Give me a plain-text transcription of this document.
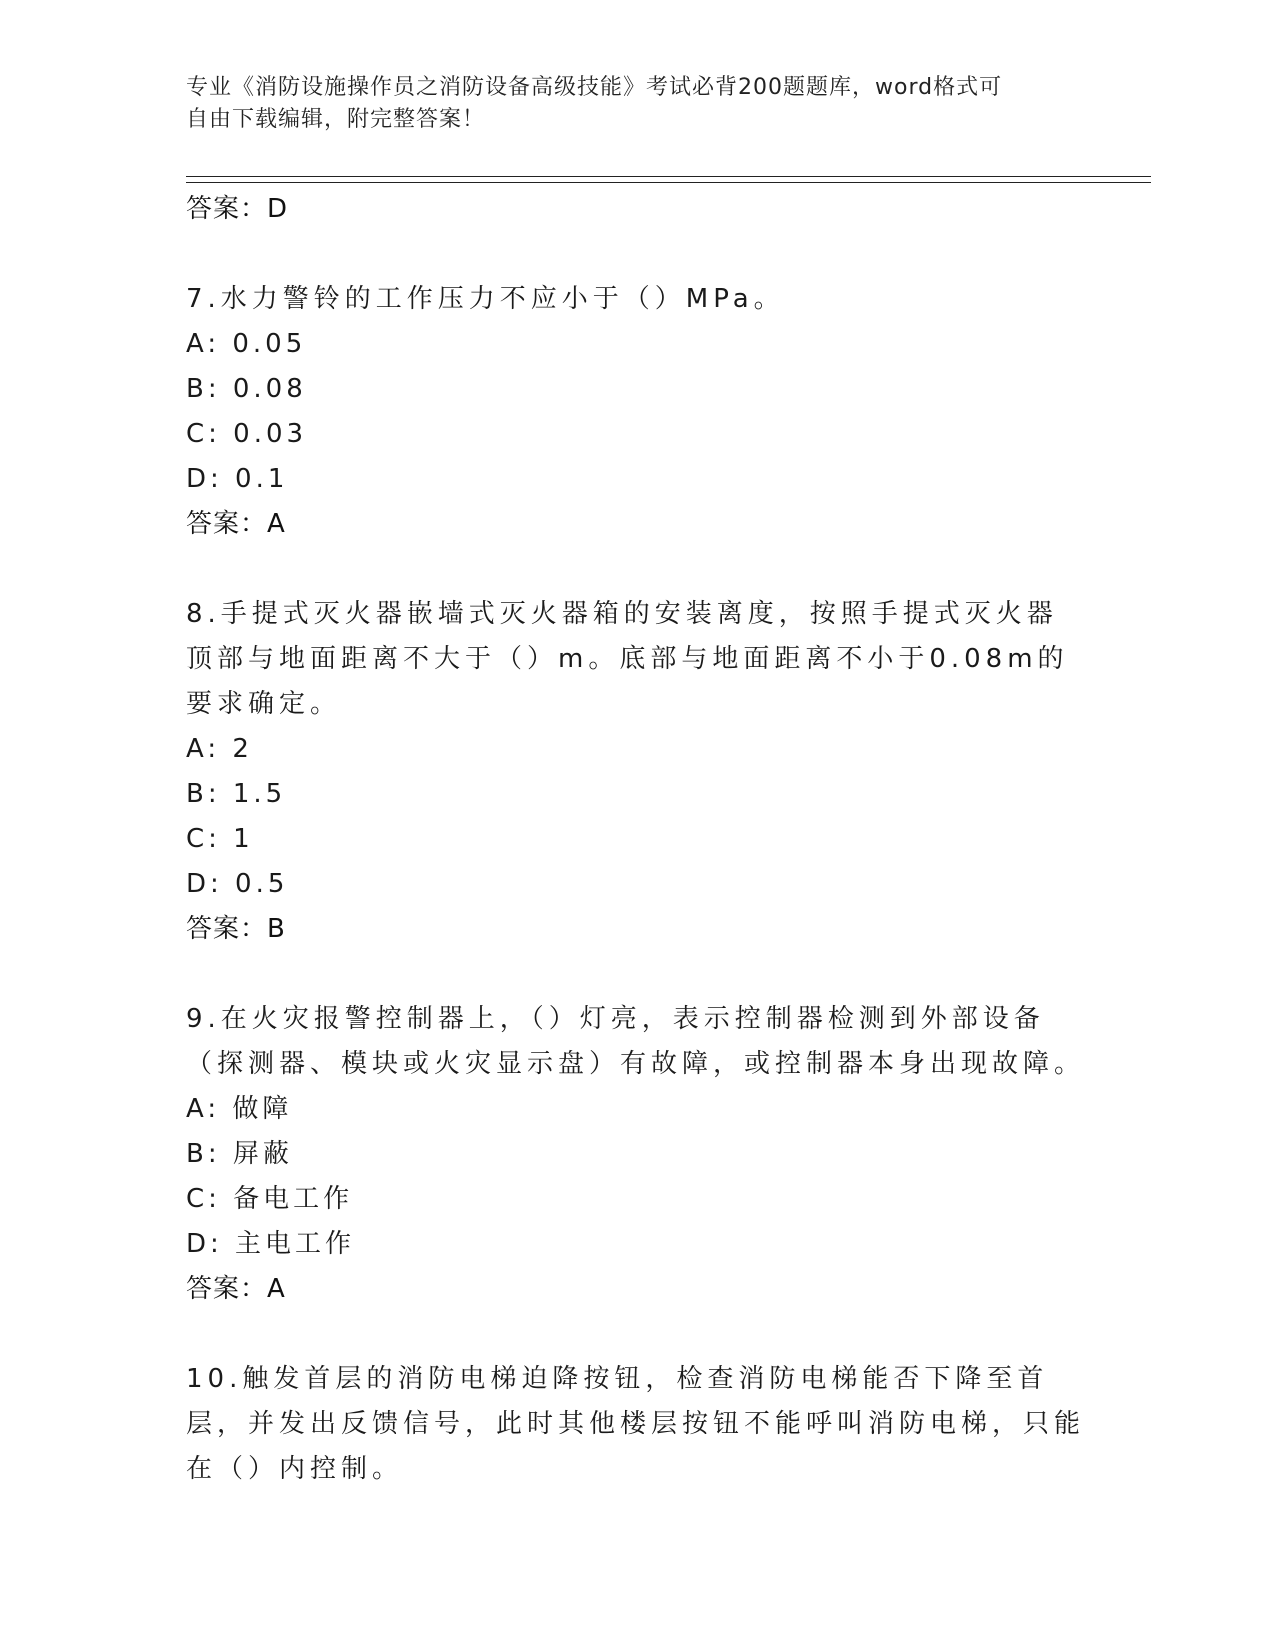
专业《消防设施操作员之消防设备高级技能》考试必背200题题库，word格式可
自由下载编辑，附完整答案！
答案：D
7.水力警铃的工作压力不应小于（）MPa。
A: 0.05
B: 0.08
C: 0.03
D: 0.1
答案：A
8.手提式灭火器嵌墙式灭火器箱的安装离度，按照手提式灭火器顶部与地面距离不大于（）m。底部与地面距离不小于0.08m的要求确定。
A: 2
B: 1.5
C: 1
D: 0.5
答案：B
9.在火灾报警控制器上，（）灯亮，表示控制器检测到外部设备（探测器、模块或火灾显示盘）有故障，或控制器本身出现故障。
A: 做障
B: 屏蔽
C: 备电工作
D: 主电工作
答案：A
10.触发首层的消防电梯迫降按钮，检查消防电梯能否下降至首层，并发出反馈信号，此时其他楼层按钮不能呼叫消防电梯，只能在（）内控制。
